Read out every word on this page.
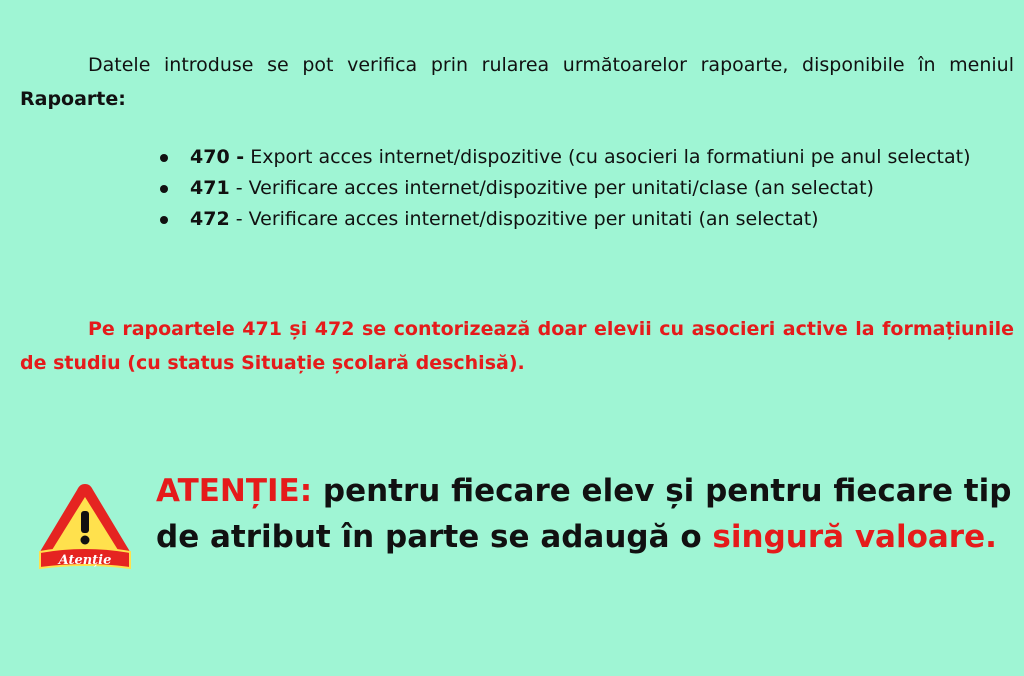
Datele introduse se pot verifica prin rularea următoarelor rapoarte, disponibile în meniul Rapoarte:

470 - Export acces internet/dispozitive (cu asocieri la formatiuni pe anul selectat)
471 - Verificare acces internet/dispozitive per unitati/clase (an selectat)
472 - Verificare acces internet/dispozitive per unitati (an selectat)

Pe rapoartele 471 și 472 se contorizează doar elevii cu asocieri active la formațiunile de studiu (cu status Situație școlară deschisă).

Atenție

ATENȚIE: pentru fiecare elev și pentru fiecare tip de atribut în parte se adaugă o singură valoare.
